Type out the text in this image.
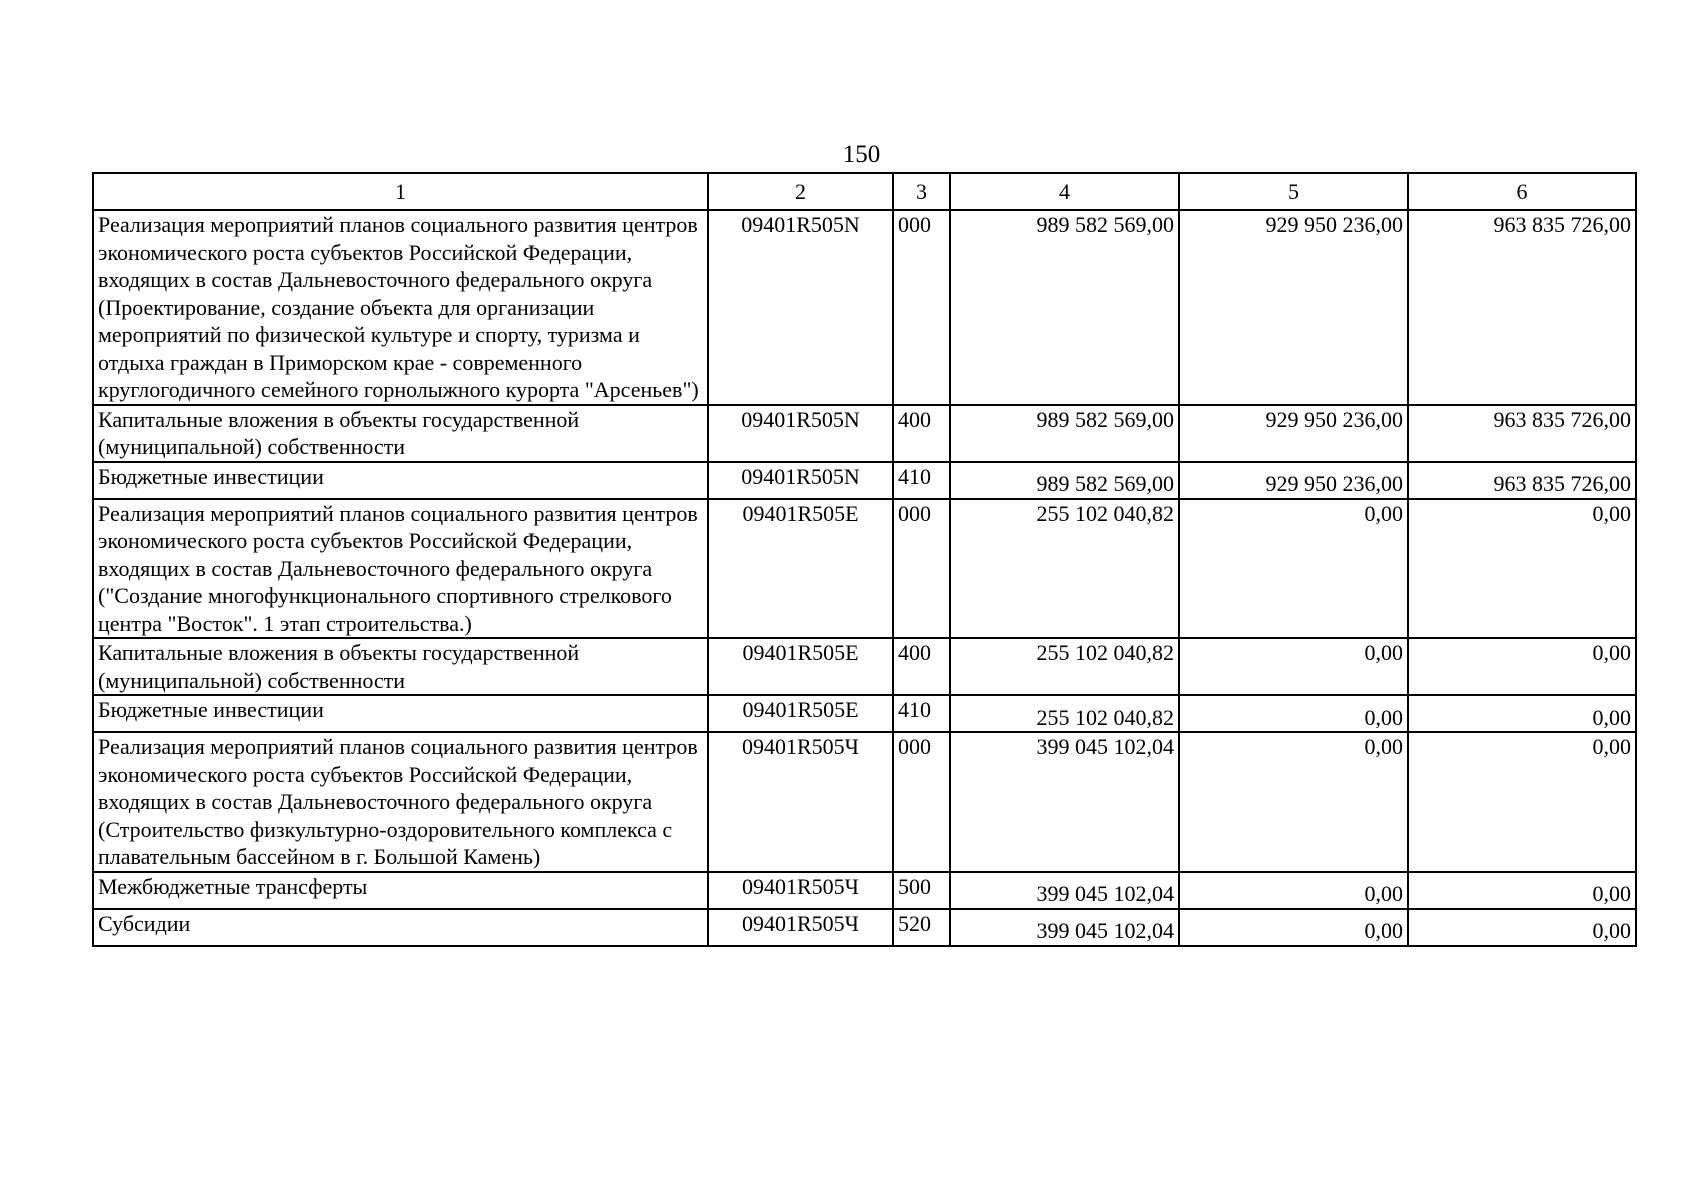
150
1	2	3	4	5	6
Реализация мероприятий планов социального развития центров экономического роста субъектов Российской Федерации, входящих в состав Дальневосточного федерального округа (Проектирование, создание объекта для организации мероприятий по физической культуре и спорту, туризма и отдыха граждан в Приморском крае - современного круглогодичного семейного горнолыжного курорта "Арсеньев")	09401R505N	000	989 582 569,00	929 950 236,00	963 835 726,00
Капитальные вложения в объекты государственной (муниципальной) собственности	09401R505N	400	989 582 569,00	929 950 236,00	963 835 726,00
Бюджетные инвестиции	09401R505N	410	989 582 569,00	929 950 236,00	963 835 726,00
Реализация мероприятий планов социального развития центров экономического роста субъектов Российской Федерации, входящих в состав Дальневосточного федерального округа ("Создание многофункционального спортивного стрелкового центра "Восток". 1 этап строительства.)	09401R505E	000	255 102 040,82	0,00	0,00
Капитальные вложения в объекты государственной (муниципальной) собственности	09401R505E	400	255 102 040,82	0,00	0,00
Бюджетные инвестиции	09401R505E	410	255 102 040,82	0,00	0,00
Реализация мероприятий планов социального развития центров экономического роста субъектов Российской Федерации, входящих в состав Дальневосточного федерального округа (Строительство физкультурно-оздоровительного комплекса с плавательным бассейном в г. Большой Камень)	09401R505Ч	000	399 045 102,04	0,00	0,00
Межбюджетные трансферты	09401R505Ч	500	399 045 102,04	0,00	0,00
Субсидии	09401R505Ч	520	399 045 102,04	0,00	0,00
